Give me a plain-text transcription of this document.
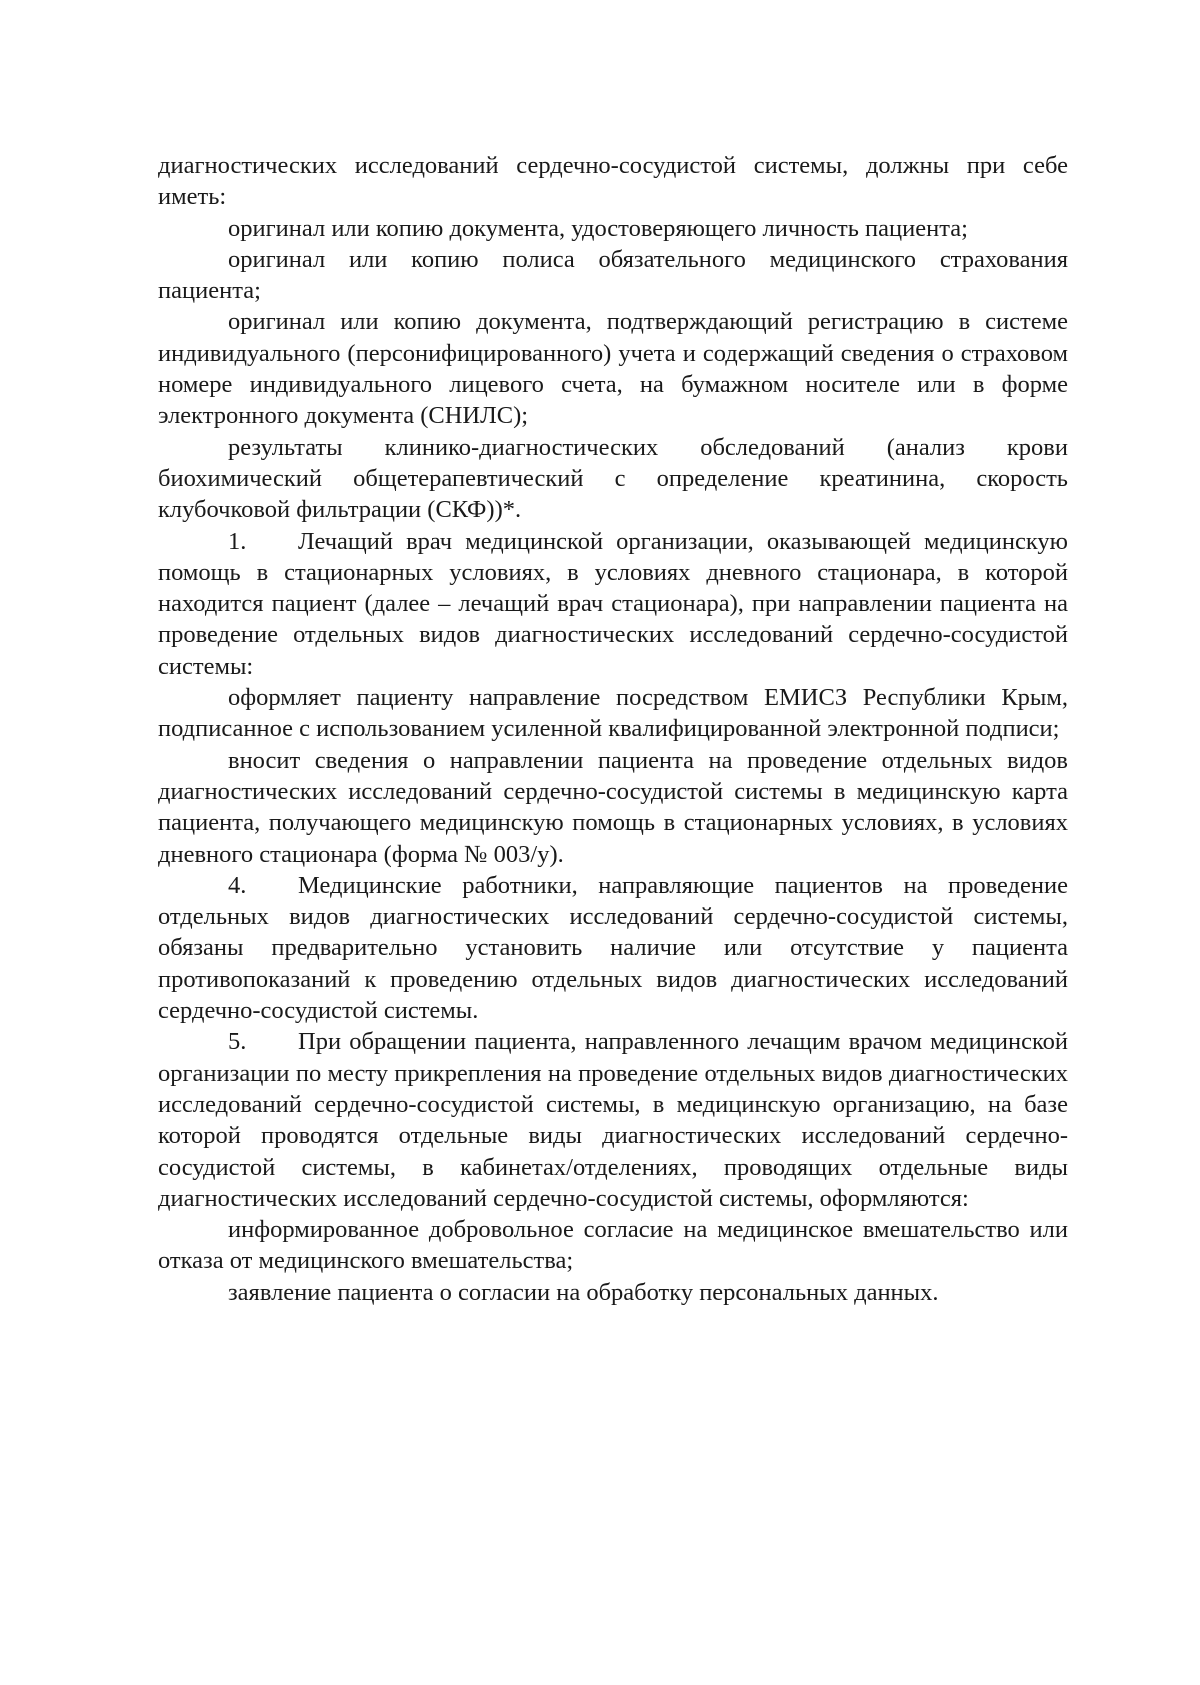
диагностических исследований сердечно-сосудистой системы, должны при себе иметь:

оригинал или копию документа, удостоверяющего личность пациента;

оригинал или копию полиса обязательного медицинского страхования пациента;

оригинал или копию документа, подтверждающий регистрацию в системе индивидуального (персонифицированного) учета и содержащий сведения о страховом номере индивидуального лицевого счета, на бумажном носителе или в форме электронного документа (СНИЛС);

результаты клинико-диагностических обследований (анализ крови биохимический общетерапевтический с определение креатинина, скорость клубочковой фильтрации (СКФ))*.

1. Лечащий врач медицинской организации, оказывающей медицинскую помощь в стационарных условиях, в условиях дневного стационара, в которой находится пациент (далее – лечащий врач стационара), при направлении пациента на проведение отдельных видов диагностических исследований сердечно-сосудистой системы:

оформляет пациенту направление посредством ЕМИСЗ Республики Крым, подписанное с использованием усиленной квалифицированной электронной подписи;

вносит сведения о направлении пациента на проведение отдельных видов диагностических исследований сердечно-сосудистой системы в медицинскую карта пациента, получающего медицинскую помощь в стационарных условиях, в условиях дневного стационара (форма № 003/у).

4. Медицинские работники, направляющие пациентов на проведение отдельных видов диагностических исследований сердечно-сосудистой системы, обязаны предварительно установить наличие или отсутствие у пациента противопоказаний к проведению отдельных видов диагностических исследований сердечно-сосудистой системы.

5. При обращении пациента, направленного лечащим врачом медицинской организации по месту прикрепления на проведение отдельных видов диагностических исследований сердечно-сосудистой системы, в медицинскую организацию, на базе которой проводятся отдельные виды диагностических исследований сердечно-сосудистой системы, в кабинетах/отделениях, проводящих отдельные виды диагностических исследований сердечно-сосудистой системы, оформляются:

информированное добровольное согласие на медицинское вмешательство или отказа от медицинского вмешательства;

заявление пациента о согласии на обработку персональных данных.
